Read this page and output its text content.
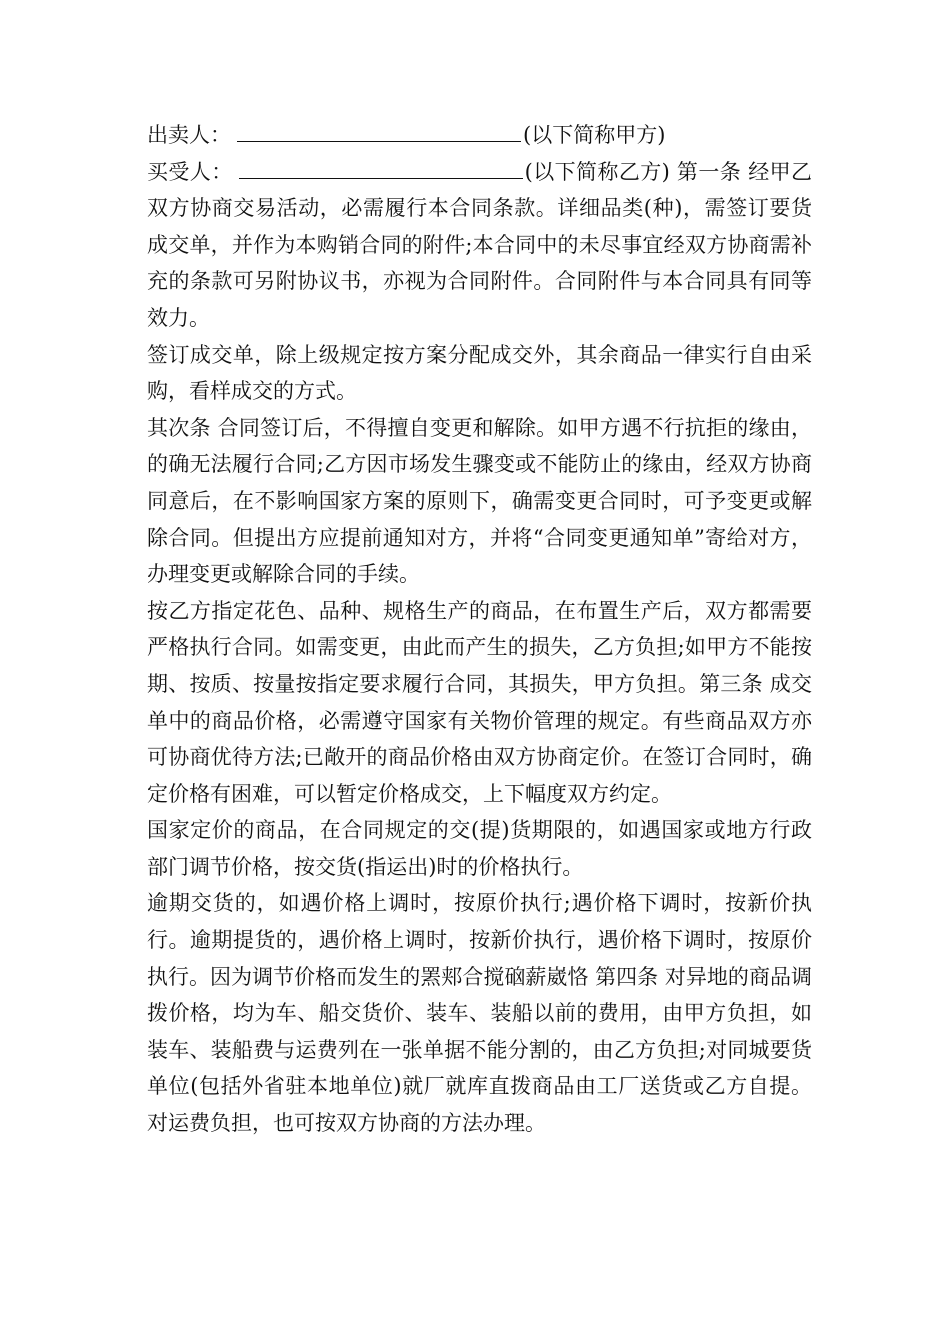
出卖人：	(以下简称甲方)

买受人：	(以下简称乙方) 第一条 经甲乙双方协商交易活动，必需履行本合同条款。详细品类(种)，需签订要货成交单，并作为本购销合同的附件;本合同中的未尽事宜经双方协商需补充的条款可另附协议书，亦视为合同附件。合同附件与本合同具有同等效力。

签订成交单，除上级规定按方案分配成交外，其余商品一律实行自由采购，看样成交的方式。

其次条 合同签订后，不得擅自变更和解除。如甲方遇不行抗拒的缘由，的确无法履行合同;乙方因市场发生骤变或不能防止的缘由，经双方协商同意后，在不影响国家方案的原则下，确需变更合同时，可予变更或解除合同。但提出方应提前通知对方，并将“合同变更通知单”寄给对方，办理变更或解除合同的手续。

按乙方指定花色、品种、规格生产的商品，在布置生产后，双方都需要严格执行合同。如需变更，由此而产生的损失，乙方负担;如甲方不能按期、按质、按量按指定要求履行合同，其损失，甲方负担。第三条 成交单中的商品价格，必需遵守国家有关物价管理的规定。有些商品双方亦可协商优待方法;已敞开的商品价格由双方协商定价。在签订合同时，确定价格有困难，可以暂定价格成交，上下幅度双方约定。

国家定价的商品，在合同规定的交(提)货期限的，如遇国家或地方行政部门调节价格，按交货(指运出)时的价格执行。

逾期交货的，如遇价格上调时，按原价执行;遇价格下调时，按新价执行。逾期提货的，遇价格上调时，按新价执行，遇价格下调时，按原价执行。因为调节价格而发生的罴郏合搅硇薪崴恪 第四条 对异地的商品调拨价格，均为车、船交货价、装车、装船以前的费用，由甲方负担，如装车、装船费与运费列在一张单据不能分割的，由乙方负担;对同城要货单位(包括外省驻本地单位)就厂就库直拨商品由工厂送货或乙方自提。对运费负担，也可按双方协商的方法办理。
